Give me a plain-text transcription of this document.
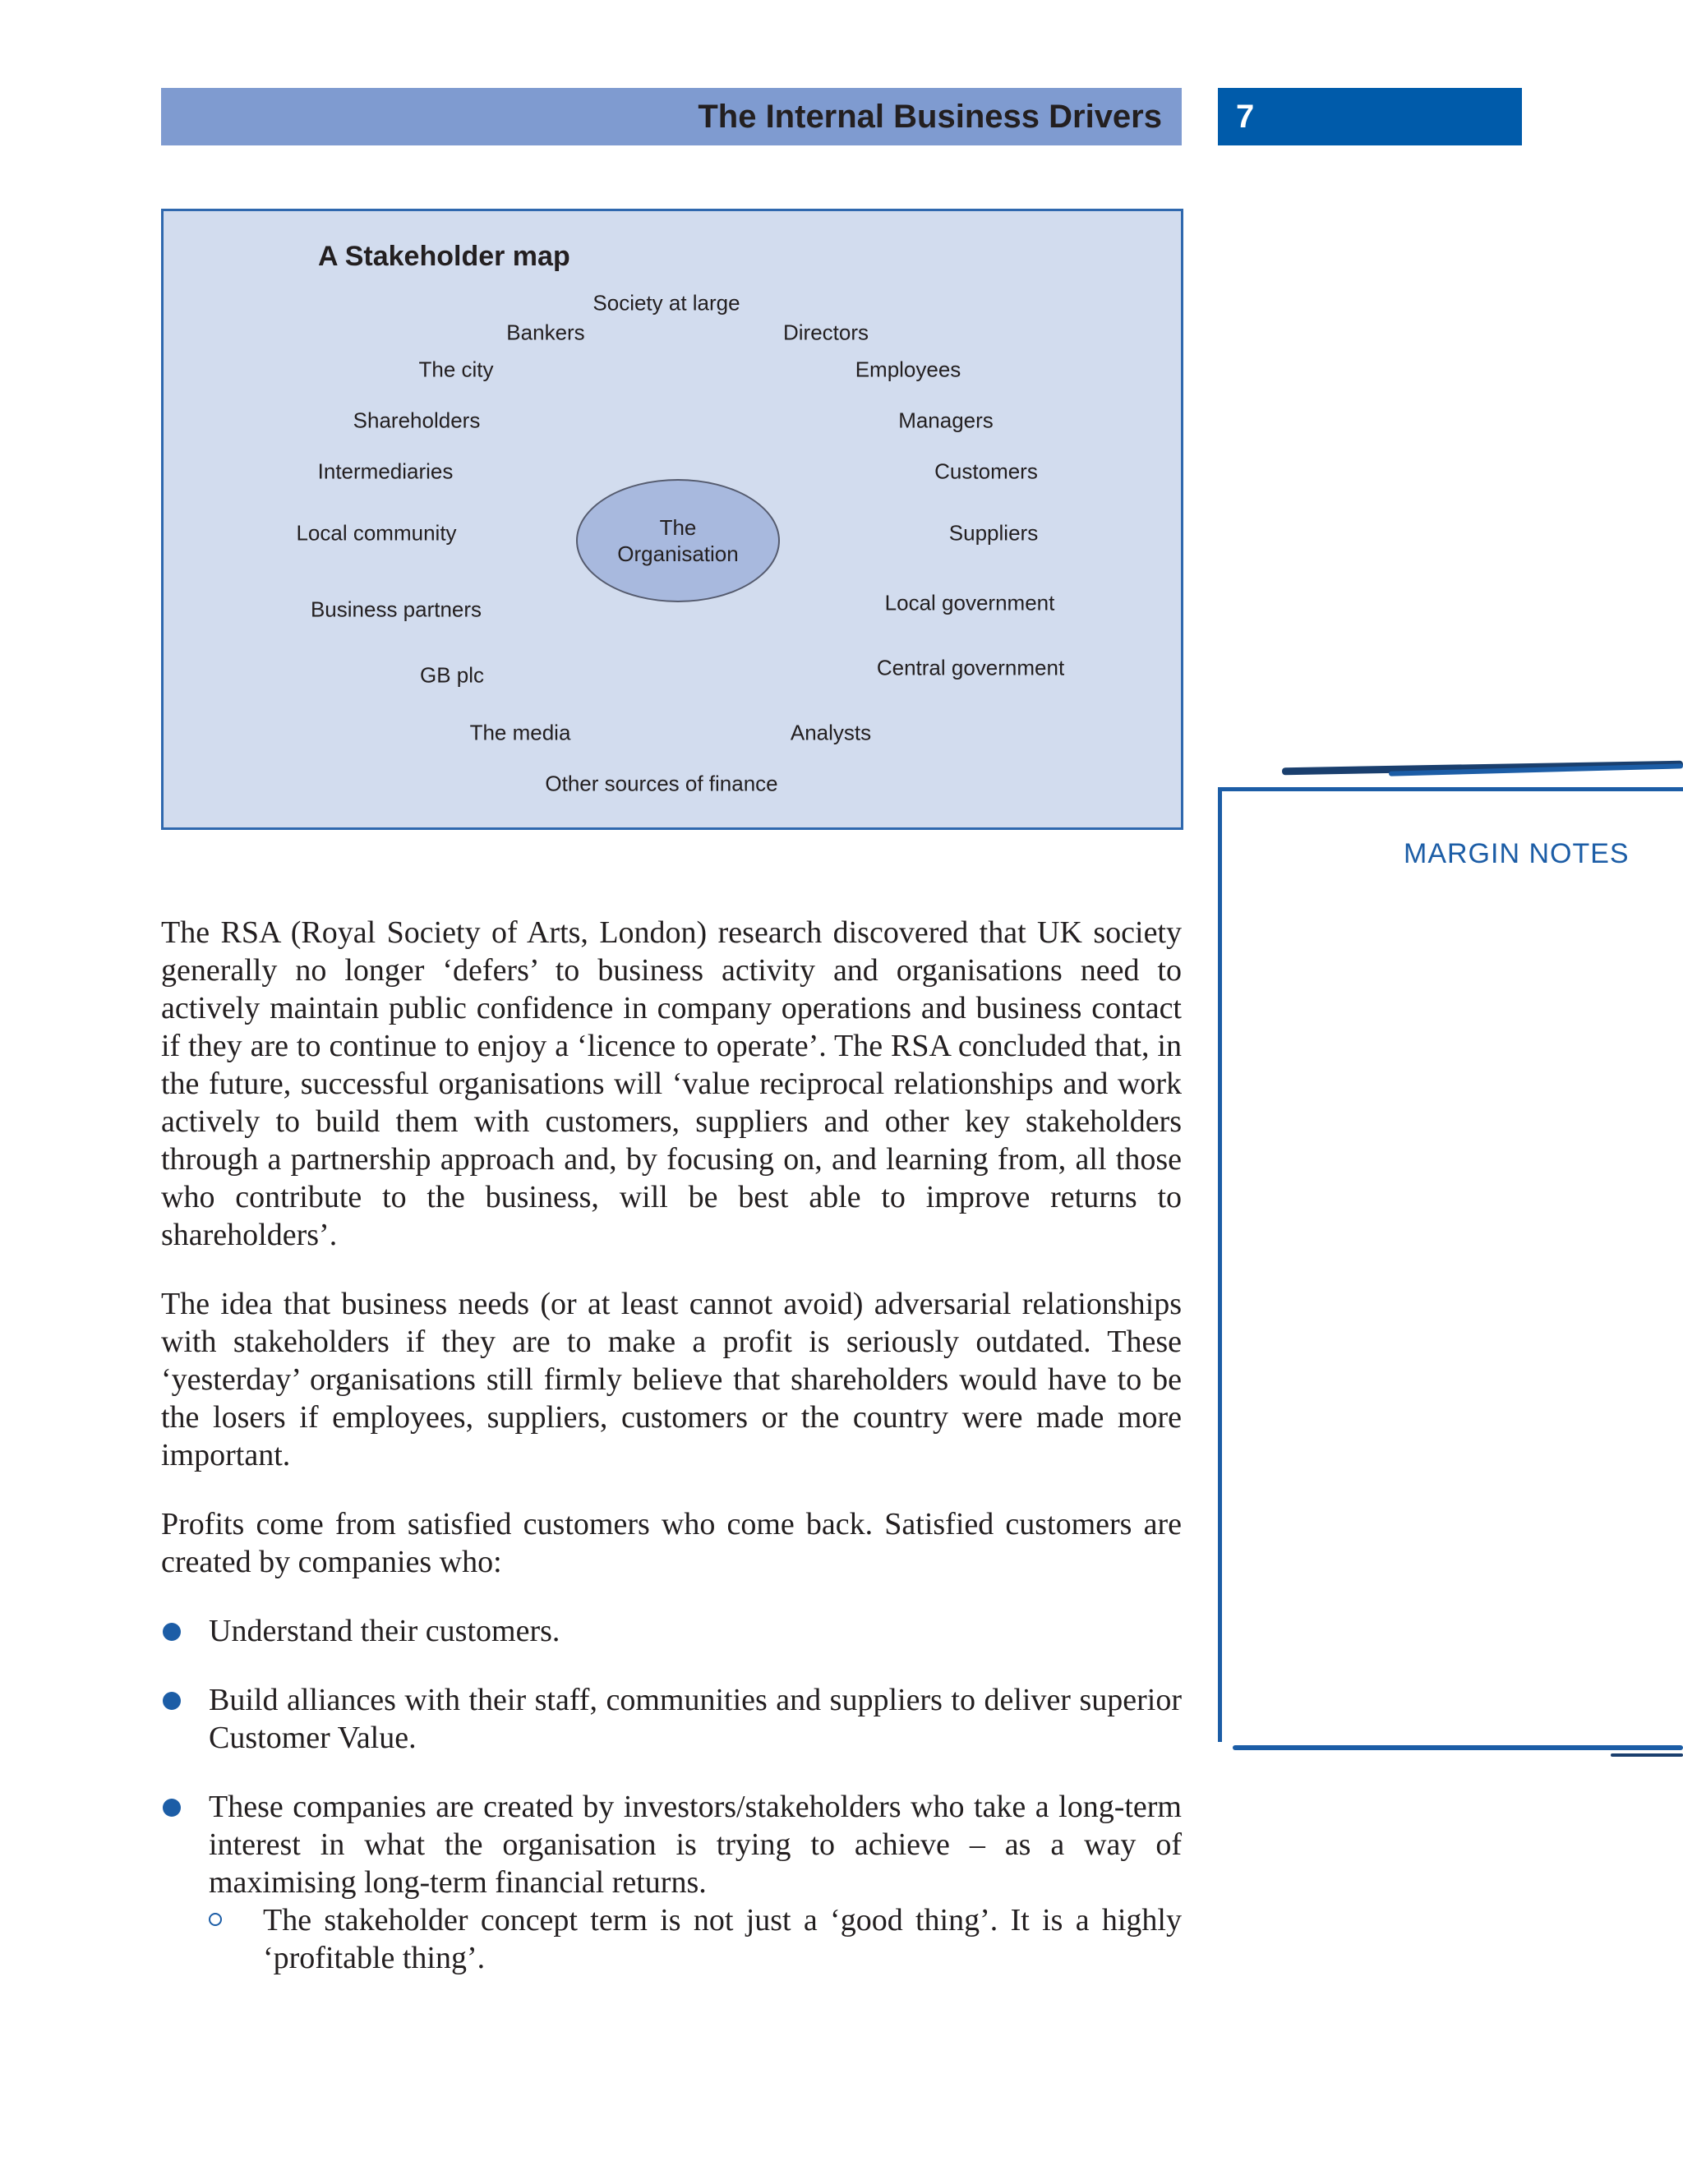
The Internal Business Drivers 7
A Stakeholder map
Society at large
Bankers	Directors
The city	Employees
Shareholders	Managers
Intermediaries	Customers
Local community	Suppliers
Local government
Business partners
Central government
GB plc
The media	Analysts
Other sources of finance
The
Organisation
MARGIN NOTES

The RSA (Royal Society of Arts, London) research discovered that UK society generally no longer ‘defers’ to business activity and organisations need to actively maintain public confidence in company operations and business contact if they are to continue to enjoy a ‘licence to operate’. The RSA concluded that, in the future, successful organisations will ‘value reciprocal relationships and work actively to build them with customers, suppliers and other key stakeholders through a partnership approach and, by focusing on, and learning from, all those who contribute to the business, will be best able to improve returns to shareholders’.

The idea that business needs (or at least cannot avoid) adversarial relationships with stakeholders if they are to make a profit is seriously outdated. These ‘yesterday’ organisations still firmly believe that shareholders would have to be the losers if employees, suppliers, customers or the country were made more important.

Profits come from satisfied customers who come back. Satisfied customers are created by companies who:

Understand their customers.
Build alliances with their staff, communities and suppliers to deliver superior Customer Value.
These companies are created by investors/stakeholders who take a long-term interest in what the organisation is trying to achieve – as a way of maximising long-term financial returns.
The stakeholder concept term is not just a ‘good thing’. It is a highly ‘profitable thing’.
